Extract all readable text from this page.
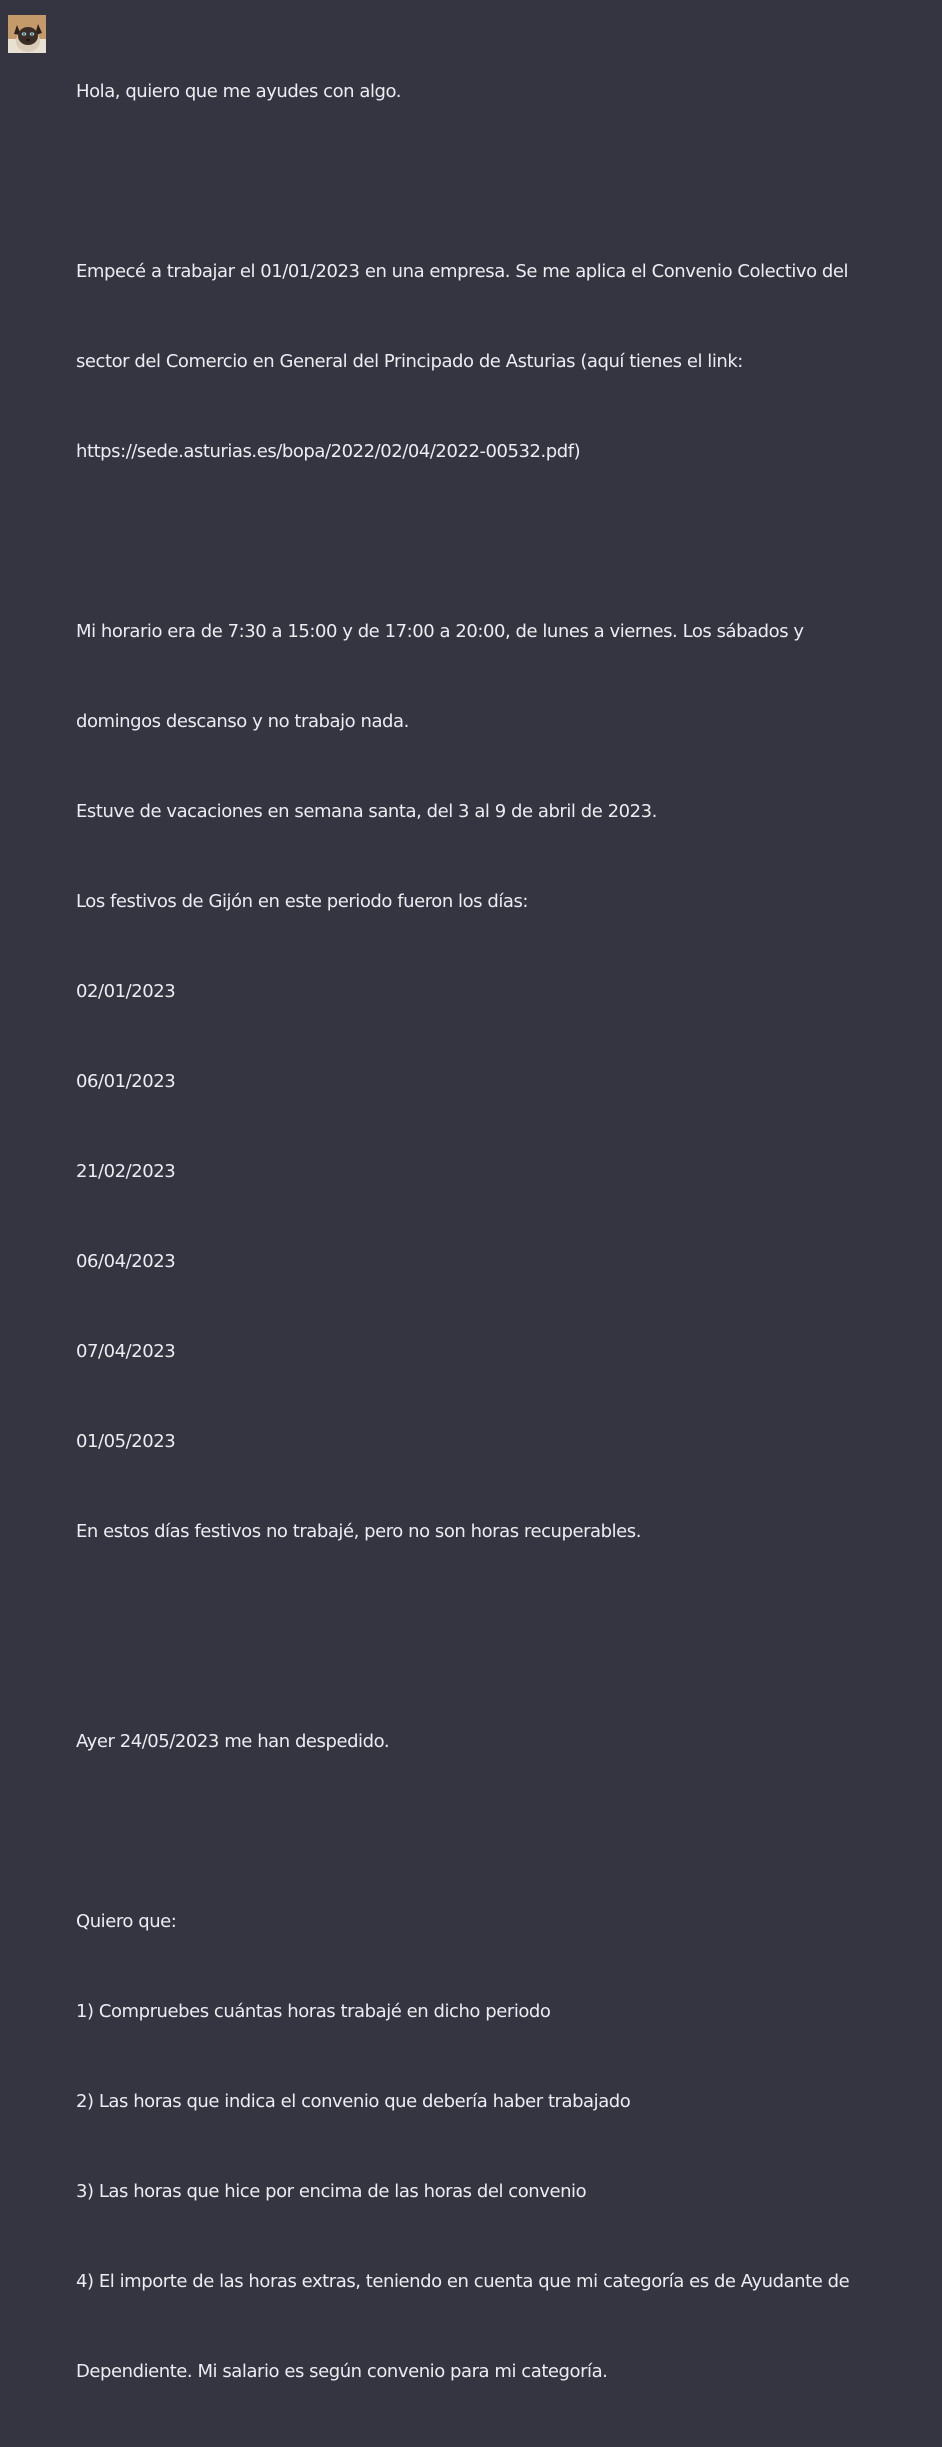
Hola, quiero que me ayudes con algo.

Empecé a trabajar el 01/01/2023 en una empresa. Se me aplica el Convenio Colectivo del

sector del Comercio en General del Principado de Asturias (aquí tienes el link:

https://sede.asturias.es/bopa/2022/02/04/2022-00532.pdf)

Mi horario era de 7:30 a 15:00 y de 17:00 a 20:00, de lunes a viernes. Los sábados y

domingos descanso y no trabajo nada.

Estuve de vacaciones en semana santa, del 3 al 9 de abril de 2023.

Los festivos de Gijón en este periodo fueron los días:

02/01/2023

06/01/2023

21/02/2023

06/04/2023

07/04/2023

01/05/2023

En estos días festivos no trabajé, pero no son horas recuperables.

Ayer 24/05/2023 me han despedido.

Quiero que:

1) Compruebes cuántas horas trabajé en dicho periodo

2) Las horas que indica el convenio que debería haber trabajado

3) Las horas que hice por encima de las horas del convenio

4) El importe de las horas extras, teniendo en cuenta que mi categoría es de Ayudante de

Dependiente. Mi salario es según convenio para mi categoría.
